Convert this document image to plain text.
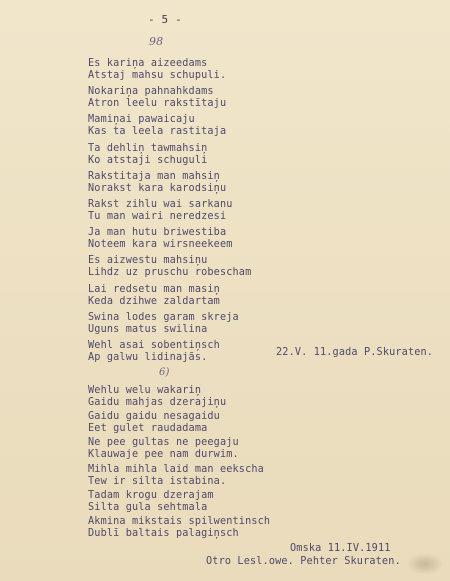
- 5 -
98
Es kariņa aizeedams
Atstaj mahsu schupuli.
Nokariņa pahnahkdams
Atron leelu rakstītaju
Mamiņai pawaicaju
Kas ta leela rastitaja
Ta dehliņ tawmahsiņ
Ko atstaji schuguli
Rakstitaja man mahsiņ
Norakst kara karodsiņu
Rakst zihlu wai sarkanu
Tu man wairi neredzesi
Ja man hutu briwestiba
Noteem kara wirsneekeem
Es aizwestu mahsiņu
Lihdz uz pruschu robescham
Lai redsetu man masiņ
Keda dzihwe zaldartam
Swina lodes garam skreja
Uguns matus swilina
Wehl asai sobentiņsch
Ap galwu lidinajās.	22.V. 11.gada P.Skuraten.
6)
Wehlu welu wakariņ
Gaidu mahjas dzerajiņu
Gaidu gaidu nesagaidu
Eet gulet raudadama
Ne pee gultas ne peegaju
Klauwaje pee nam durwim.
Mihla mihla laid man eekscha
Tew ir silta istabina.
Tadam krogu dzerajam
Silta gula sehtmala
Akmina mikstais spilwentinsch
Dublī baltais palagiņsch
Omska 11.IV.1911
Otro Lesl.owe. Pehter Skuraten.
